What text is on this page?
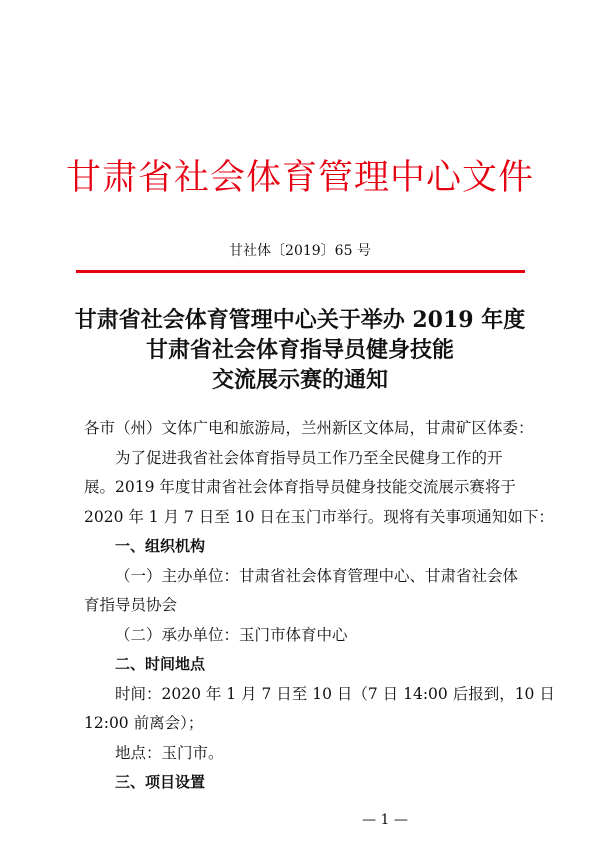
甘肃省社会体育管理中心文件
甘社体〔2019〕65 号
甘肃省社会体育管理中心关于举办 2019 年度
甘肃省社会体育指导员健身技能
交流展示赛的通知
各市（州）文体广电和旅游局，兰州新区文体局，甘肃矿区体委：
为了促进我省社会体育指导员工作乃至全民健身工作的开
展。2019 年度甘肃省社会体育指导员健身技能交流展示赛将于
2020 年 1 月 7 日至 10 日在玉门市举行。现将有关事项通知如下：
一、组织机构
（一）主办单位：甘肃省社会体育管理中心、甘肃省社会体
育指导员协会
（二）承办单位：玉门市体育中心
二、时间地点
时间：2020 年 1 月 7 日至 10 日（7 日 14:00 后报到，10 日
12:00 前离会）；
地点：玉门市。
三、项目设置
— 1 —
